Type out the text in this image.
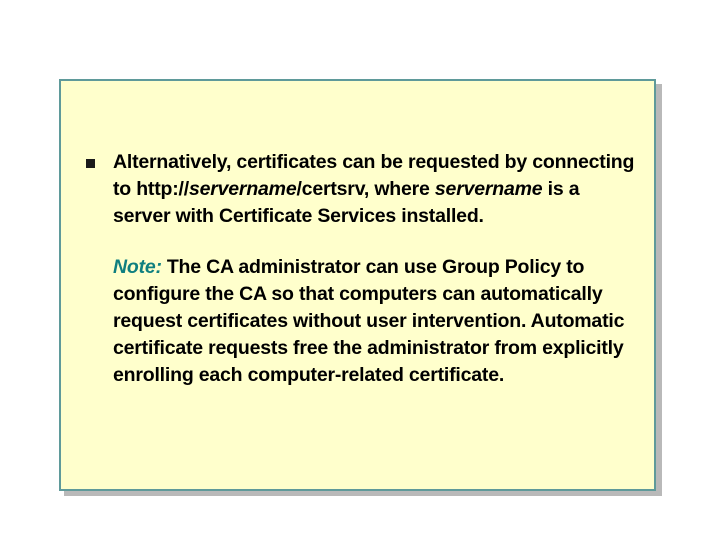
Alternatively, certificates can be requested by connecting
to http://servername/certsrv, where servername is a
server with Certificate Services installed.
Note: The CA administrator can use Group Policy to
configure the CA so that computers can automatically
request certificates without user intervention. Automatic
certificate requests free the administrator from explicitly
enrolling each computer-related certificate.
